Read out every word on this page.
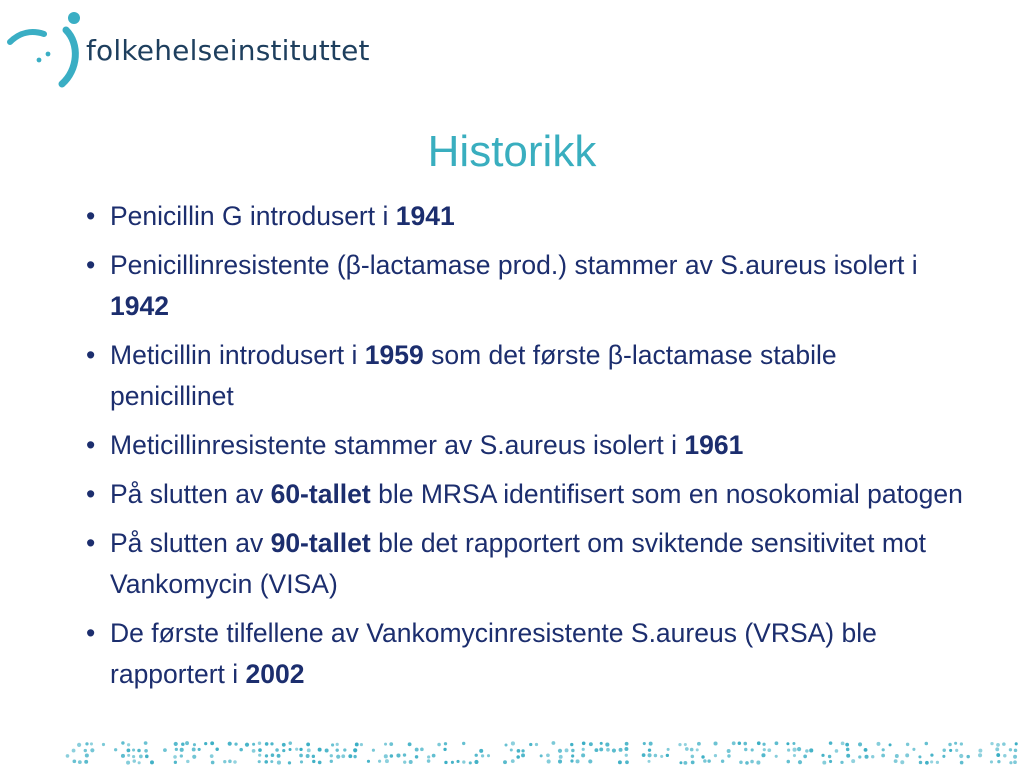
folkehelseinstituttet
Historikk
• Penicillin G introdusert i 1941
• Penicillinresistente (β-lactamase prod.) stammer av S.aureus isolert i 1942
• Meticillin introdusert i 1959 som det første β-lactamase stabile penicillinet
• Meticillinresistente stammer av S.aureus isolert i 1961
• På slutten av 60-tallet ble MRSA identifisert som en nosokomial patogen
• På slutten av 90-tallet ble det rapportert om sviktende sensitivitet mot Vankomycin (VISA)
• De første tilfellene av Vankomycinresistente S.aureus (VRSA) ble rapportert i 2002
